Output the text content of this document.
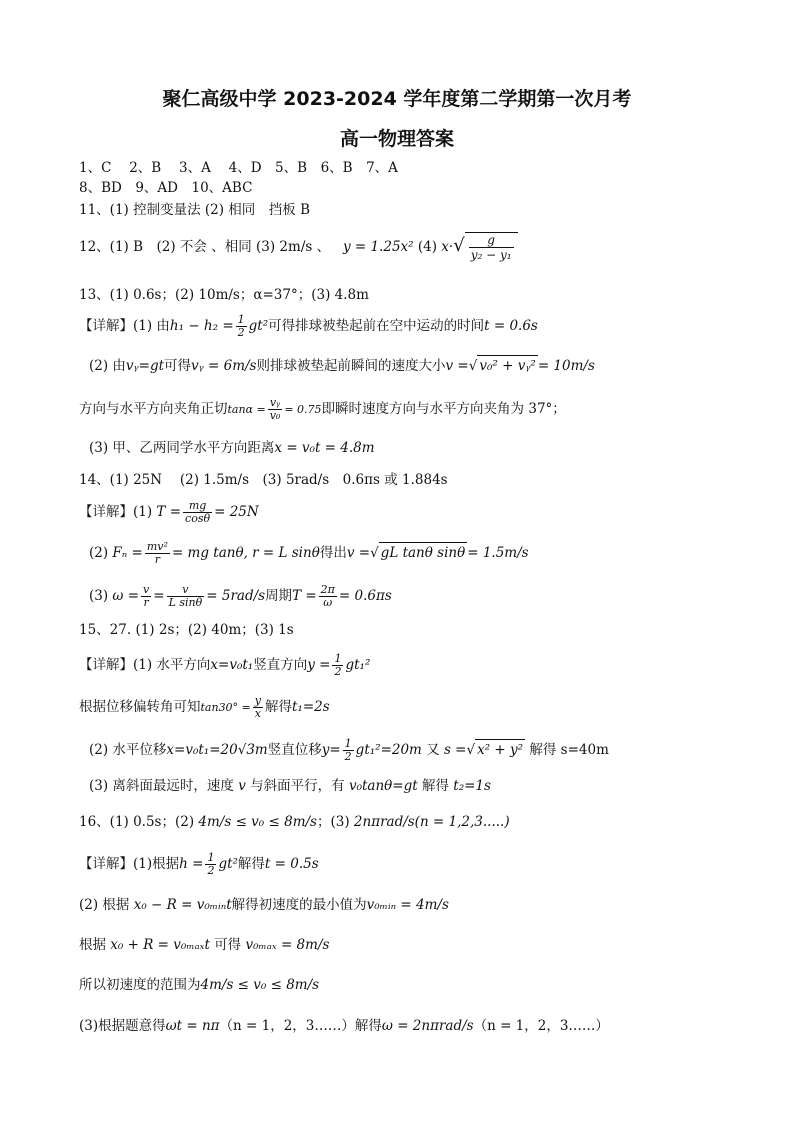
聚仁高级中学 2023-2024 学年度第二学期第一次月考
高一物理答案
1、C　 2、B　 3、A　 4、D　5、B　6、B　7、A
8、BD　9、AD　10、ABC
11、(1) 控制变量法 (2) 相同　挡板 B
12、(1) B　(2) 不会 、相同 (3) 2m/s 、 y = 1.25x² (4) $x\cdot√ \frac{g}{\text{y₂ − y₁}}$
13、(1) 0.6s；(2) 10m/s；α=37°；(3) 4.8m
【详解】(1) 由$h_1 - h_2 = \frac{1}{2} gt^2$可得排球被垫起前在空中运动的时间t = 0.6s
(2) 由vᵧ=gt可得vᵧ = 6m/s则排球被垫起前瞬间的速度大小v =√ v₀² + vᵧ² = 10m/s
方向与水平方向夹角正切$\tan\alpha = \frac{\text{vᵧ}}{\text{v₀}} = 0.75$即瞬时速度方向与水平方向夹角为 37°；
(3) 甲、乙两同学水平方向距离x = v₀t = 4.8m
14、(1) 25N　 (2) 1.5m/s　(3) 5rad/s　0.6πs 或 1.884s
【详解】(1) $T = \frac{mg}{\cos\theta} = 25N$
(2) $F_n = \frac{\text{mv²}}{r}$ = mg tanθ, r = L sinθ得出v =√ gL tanθ sinθ = 1.5m/s
(3) $\omega = \frac{v}{r} = \frac{v}{\text{L sinθ}} = 5rad/s$周期$T = \frac{2\pi}{\omega} = 0.6\pi s$
15、27. (1) 2s；(2) 40m；(3) 1s
【详解】(1) 水平方向x=v₀t₁竖直方向$y = \frac{1}{2} gt_1^2$
根据位移偏转角可知$\tan 30^\circ = \frac{y}{x}$ 解得t₁=2s
(2) 水平位移x=v₀t₁=20√3m竖直位移$y= \frac{1}{2} gt_1^2=20m$ 又 s =√ x² + y² 解得 s=40m
(3) 离斜面最远时，速度 v 与斜面平行，有 v₀tanθ=gt 解得 t₂=1s
16、(1) 0.5s；(2) 4m/s ≤ v₀ ≤ 8m/s；(3) 2nπrad/s(n = 1,2,3.....)
【详解】(1)根据$h = \frac{1}{2} gt^2$解得t = 0.5s
(2) 根据 x₀ − R = v₀ₘᵢₙt解得初速度的最小值为v₀ₘᵢₙ = 4m/s
根据 x₀ + R = v₀ₘₐₓt 可得 v₀ₘₐₓ = 8m/s
所以初速度的范围为4m/s ≤ v₀ ≤ 8m/s
(3)根据题意得ωt = nπ（n = 1，2，3……）解得ω = 2nπrad/s（n = 1，2，3……）
